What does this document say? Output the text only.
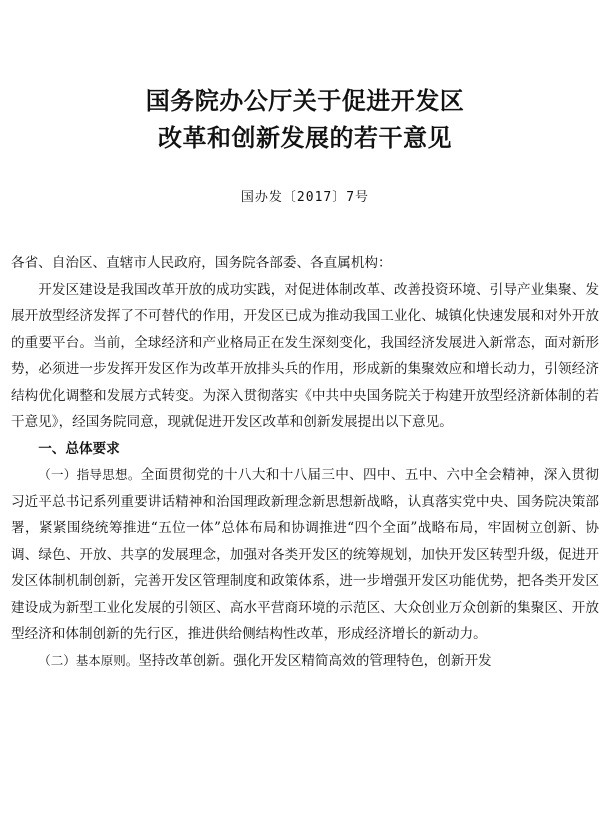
国务院办公厅关于促进开发区
改革和创新发展的若干意见
国办发〔2017〕7号

各省、自治区、直辖市人民政府，国务院各部委、各直属机构：

开发区建设是我国改革开放的成功实践，对促进体制改革、改善投资环境、引导产业集聚、发展开放型经济发挥了不可替代的作用，开发区已成为推动我国工业化、城镇化快速发展和对外开放的重要平台。当前，全球经济和产业格局正在发生深刻变化，我国经济发展进入新常态，面对新形势，必须进一步发挥开发区作为改革开放排头兵的作用，形成新的集聚效应和增长动力，引领经济结构优化调整和发展方式转变。为深入贯彻落实《中共中央国务院关于构建开放型经济新体制的若干意见》，经国务院同意，现就促进开发区改革和创新发展提出以下意见。

一、总体要求

（一）指导思想。全面贯彻党的十八大和十八届三中、四中、五中、六中全会精神，深入贯彻习近平总书记系列重要讲话精神和治国理政新理念新思想新战略，认真落实党中央、国务院决策部署，紧紧围绕统筹推进“五位一体”总体布局和协调推进“四个全面”战略布局，牢固树立创新、协调、绿色、开放、共享的发展理念，加强对各类开发区的统筹规划，加快开发区转型升级，促进开发区体制机制创新，完善开发区管理制度和政策体系，进一步增强开发区功能优势，把各类开发区建设成为新型工业化发展的引领区、高水平营商环境的示范区、大众创业万众创新的集聚区、开放型经济和体制创新的先行区，推进供给侧结构性改革，形成经济增长的新动力。

（二）基本原则。坚持改革创新。强化开发区精简高效的管理特色，创新开发
